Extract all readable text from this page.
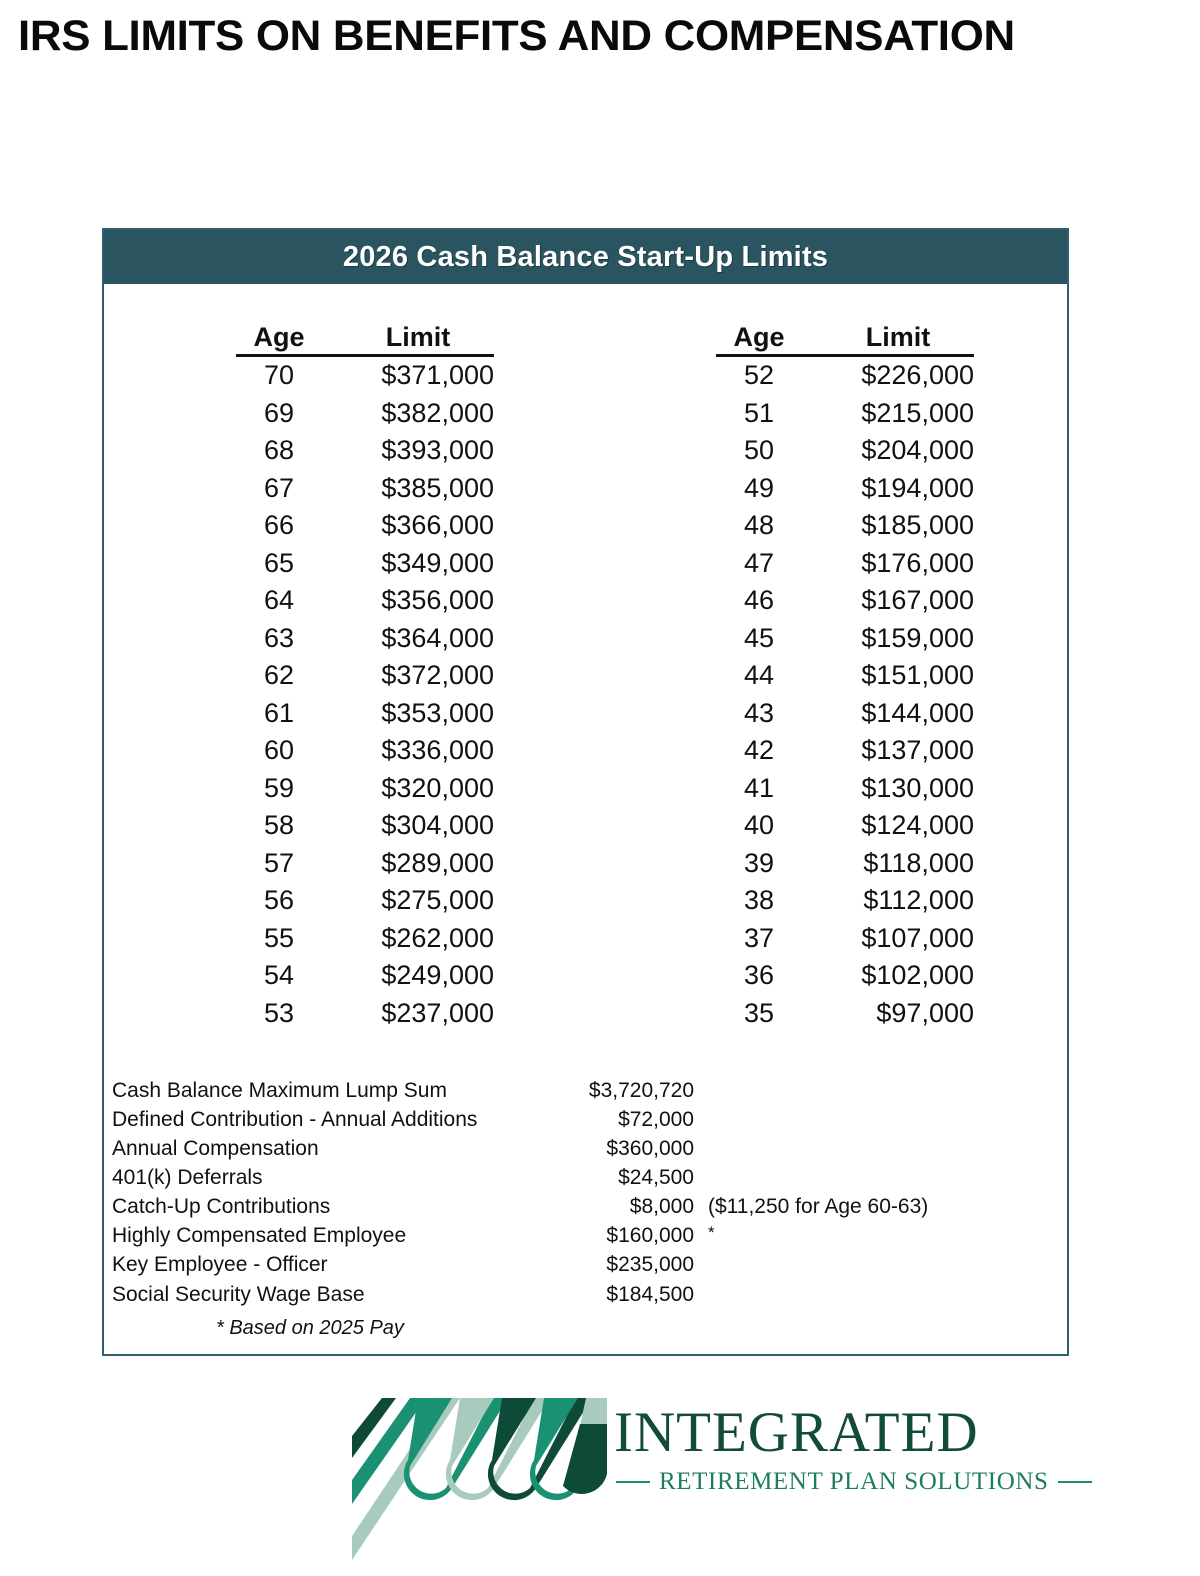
IRS LIMITS ON BENEFITS AND COMPENSATION
2026 Cash Balance Start-Up Limits
Age	Limit
70	$371,000
69	$382,000
68	$393,000
67	$385,000
66	$366,000
65	$349,000
64	$356,000
63	$364,000
62	$372,000
61	$353,000
60	$336,000
59	$320,000
58	$304,000
57	$289,000
56	$275,000
55	$262,000
54	$249,000
53	$237,000
Age	Limit
52	$226,000
51	$215,000
50	$204,000
49	$194,000
48	$185,000
47	$176,000
46	$167,000
45	$159,000
44	$151,000
43	$144,000
42	$137,000
41	$130,000
40	$124,000
39	$118,000
38	$112,000
37	$107,000
36	$102,000
35	$97,000
Cash Balance Maximum Lump Sum	$3,720,720
Defined Contribution - Annual Additions	$72,000
Annual Compensation	$360,000
401(k) Deferrals	$24,500
Catch-Up Contributions	$8,000 ($11,250 for Age 60-63)
Highly Compensated Employee	$160,000 *
Key Employee - Officer	$235,000
Social Security Wage Base	$184,500
* Based on 2025 Pay
INTEGRATED
RETIREMENT PLAN SOLUTIONS
